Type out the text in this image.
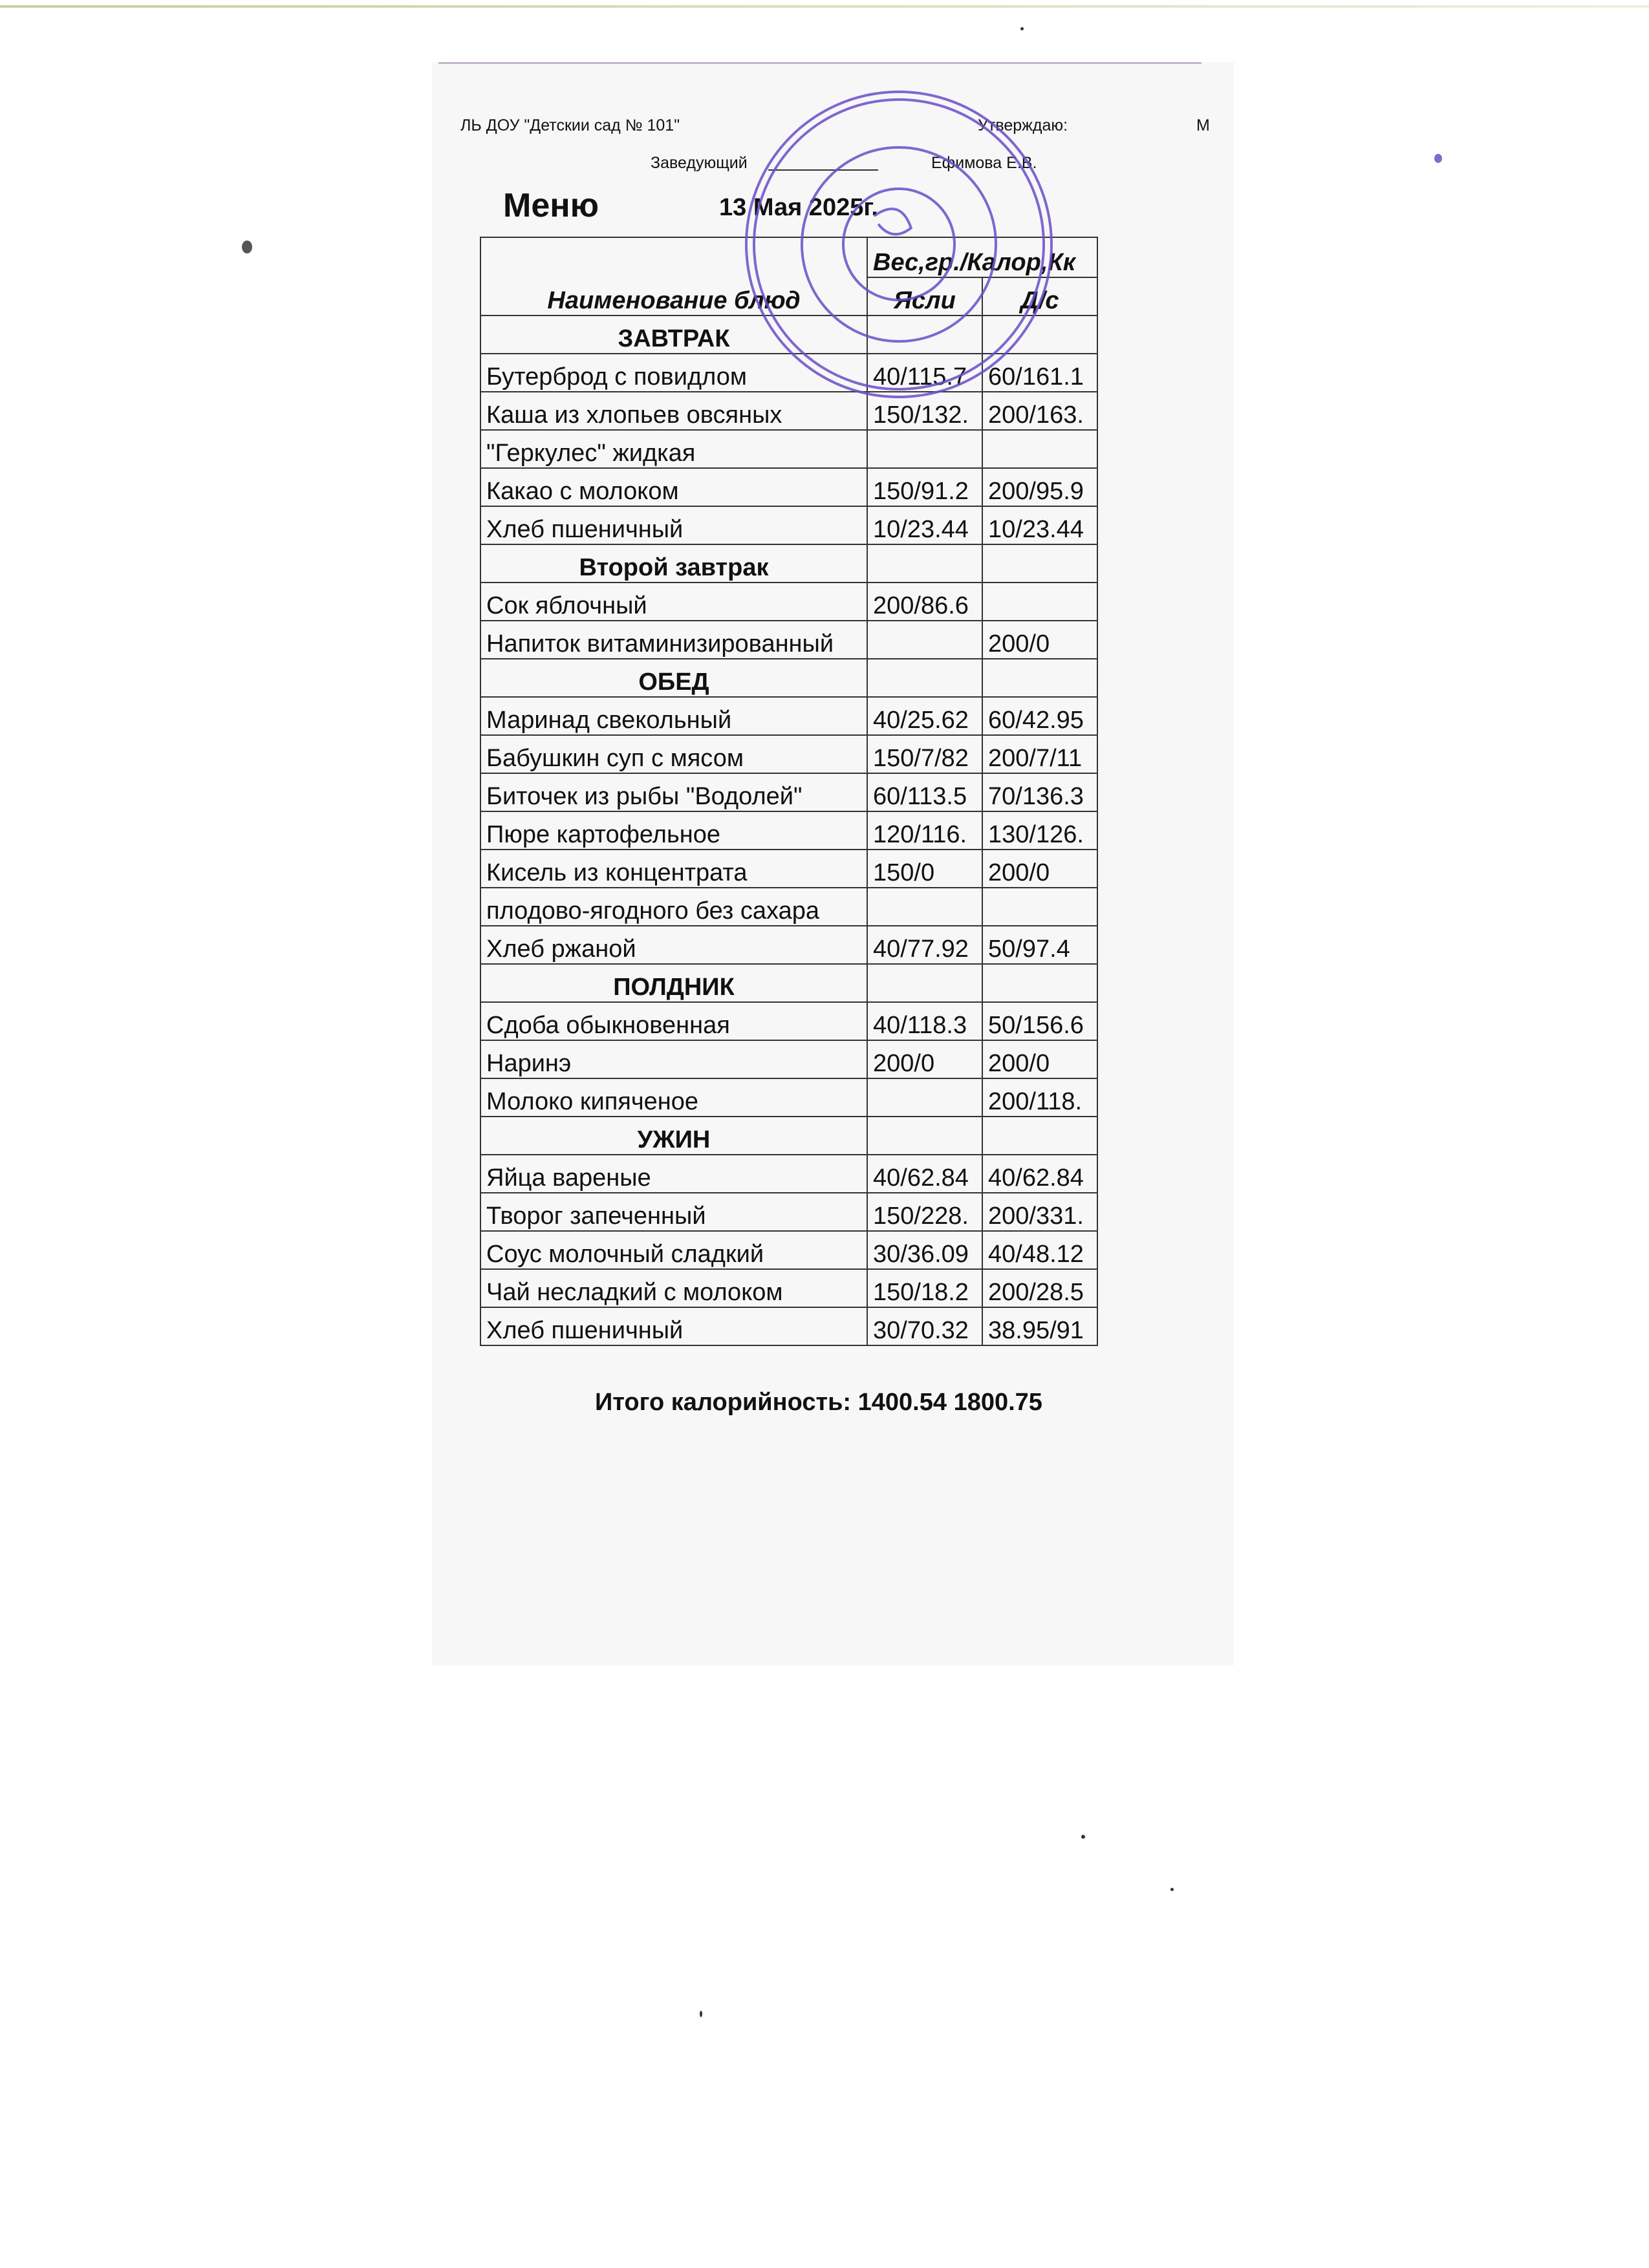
ЛЬ ДОУ "Детскии сад № 101"	Утверждаю:	М
Заведующий	Ефимова Е.В.
Меню	13 Мая 2025г.
Наименование блюд	Вес,гр./Калор,Кк	
	Ясли	Д/с
ЗАВТРАК		
Бутерброд с повидлом	40/115.7	60/161.1
Каша из хлопьев овсяных	150/132.	200/163.
"Геркулес" жидкая		
Какао с молоком	150/91.2	200/95.9
Хлеб пшеничный	10/23.44	10/23.44
Второй завтрак		
Сок яблочный	200/86.6	
Напиток витаминизированный		200/0
ОБЕД		
Маринад свекольный	40/25.62	60/42.95
Бабушкин суп с мясом	150/7/82	200/7/11
Биточек из рыбы "Водолей"	60/113.5	70/136.3
Пюре картофельное	120/116.	130/126.
Кисель из концентрата	150/0	200/0
плодово-ягодного без сахара		
Хлеб ржаной	40/77.92	50/97.4
ПОЛДНИК		
Сдоба обыкновенная	40/118.3	50/156.6
Наринэ	200/0	200/0
Молоко кипяченое		200/118.
УЖИН		
Яйца вареные	40/62.84	40/62.84
Творог запеченный	150/228.	200/331.
Соус молочный сладкий	30/36.09	40/48.12
Чай несладкий с молоком	150/18.2	200/28.5
Хлеб пшеничный	30/70.32	38.95/91
Итого калорийность: 1400.54 1800.75
